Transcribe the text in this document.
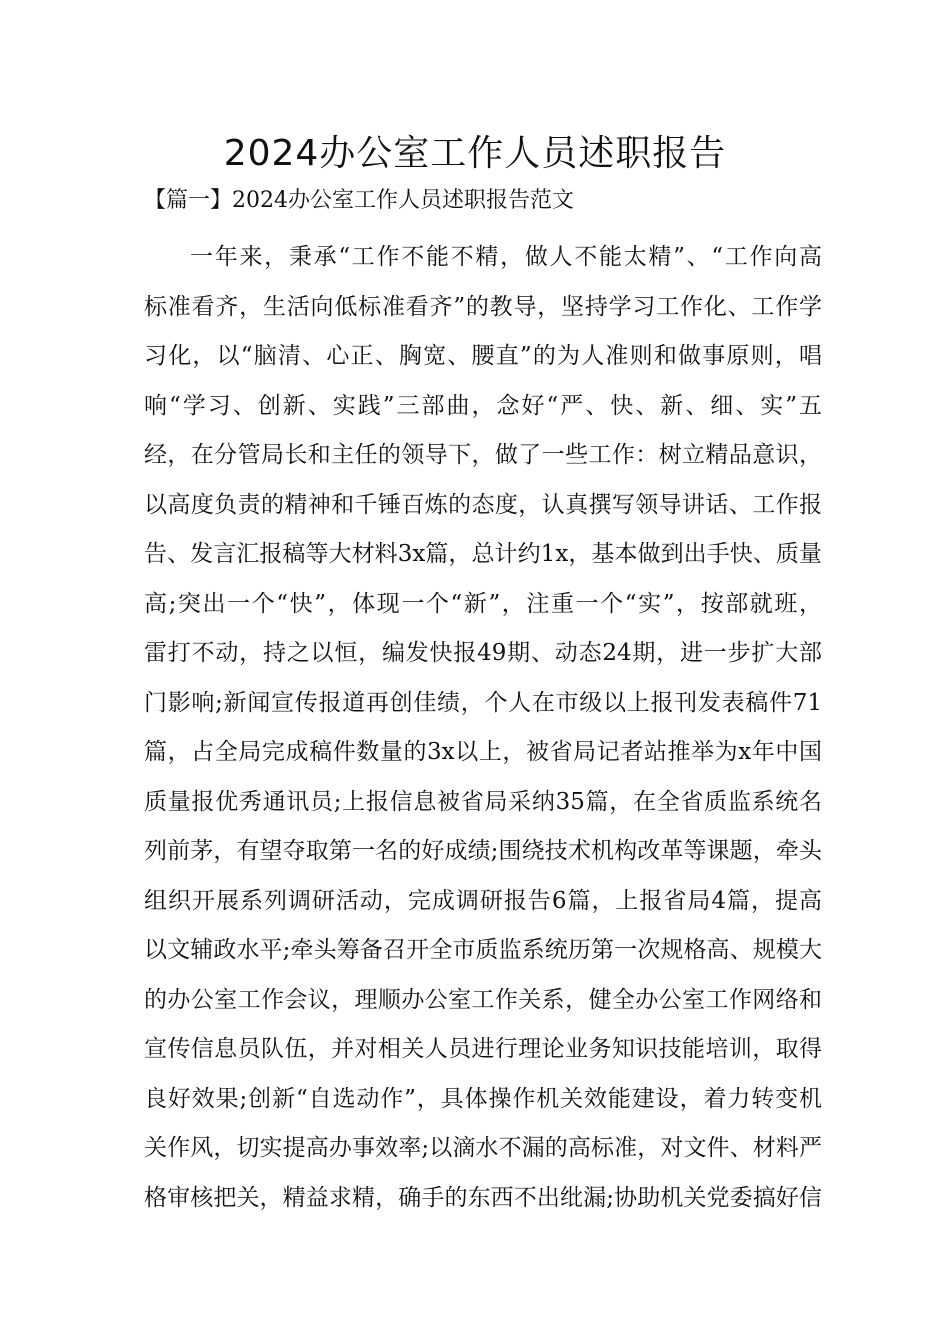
2024办公室工作人员述职报告

【篇一】2024办公室工作人员述职报告范文

一年来，秉承“工作不能不精，做人不能太精”、“工作向高
标准看齐，生活向低标准看齐”的教导，坚持学习工作化、工作学
习化，以“脑清、心正、胸宽、腰直”的为人准则和做事原则，唱
响“学习、创新、实践”三部曲，念好“严、快、新、细、实”五
经，在分管局长和主任的领导下，做了一些工作：树立精品意识，
以高度负责的精神和千锤百炼的态度，认真撰写领导讲话、工作报
告、发言汇报稿等大材料3x篇，总计约1x，基本做到出手快、质量
高;突出一个“快”，体现一个“新”，注重一个“实”，按部就班，
雷打不动，持之以恒，编发快报49期、动态24期，进一步扩大部
门影响;新闻宣传报道再创佳绩，个人在市级以上报刊发表稿件71
篇，占全局完成稿件数量的3x以上，被省局记者站推举为x年中国
质量报优秀通讯员;上报信息被省局采纳35篇，在全省质监系统名
列前茅，有望夺取第一名的好成绩;围绕技术机构改革等课题，牵头
组织开展系列调研活动，完成调研报告6篇，上报省局4篇，提高
以文辅政水平;牵头筹备召开全市质监系统历第一次规格高、规模大
的办公室工作会议，理顺办公室工作关系，健全办公室工作网络和
宣传信息员队伍，并对相关人员进行理论业务知识技能培训，取得
良好效果;创新“自选动作”，具体操作机关效能建设，着力转变机
关作风，切实提高办事效率;以滴水不漏的高标准，对文件、材料严
格审核把关，精益求精，确手的东西不出纰漏;协助机关党委搞好信
